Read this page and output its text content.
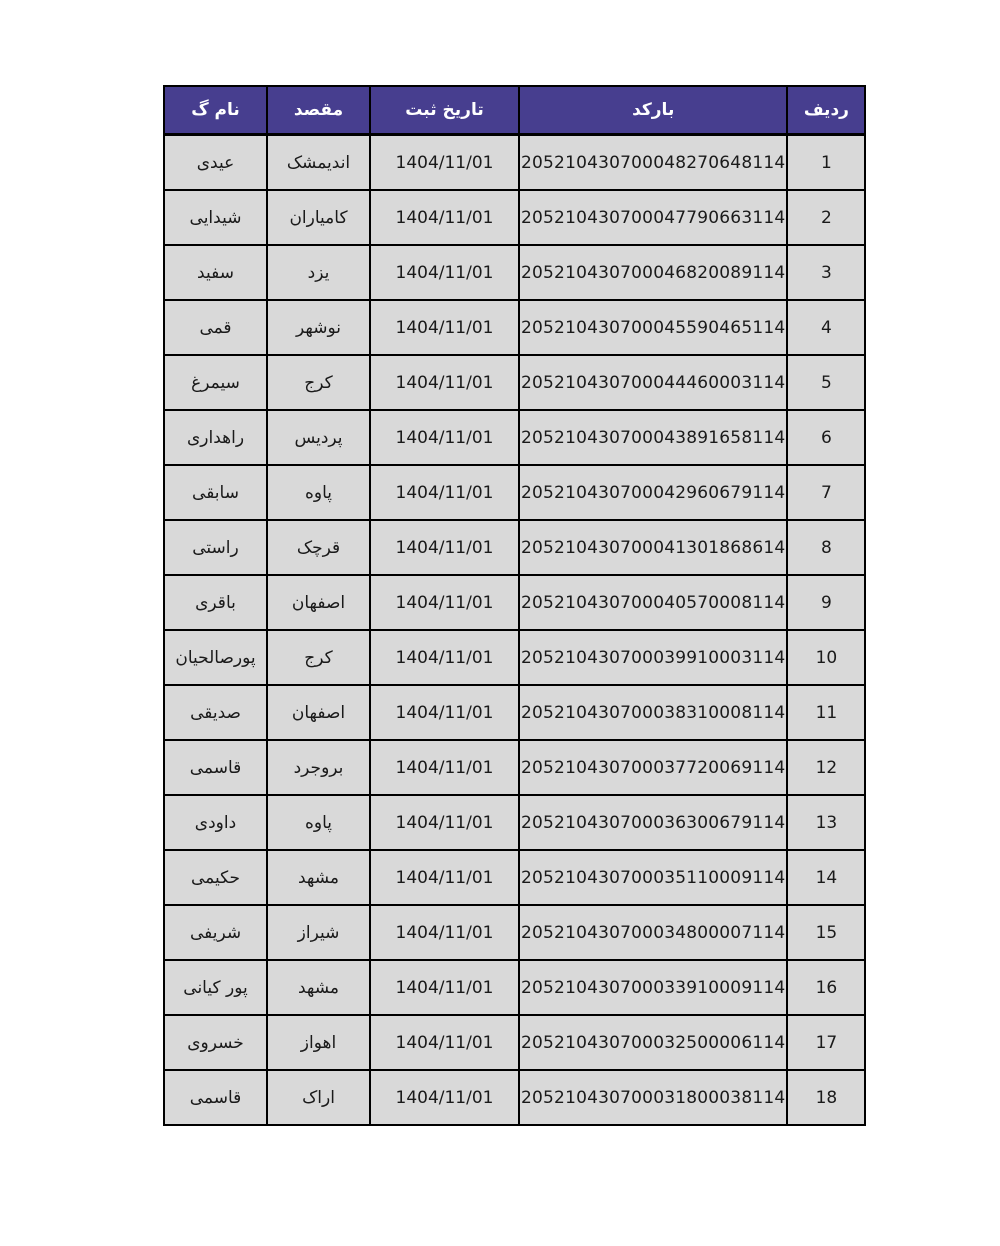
ردیف	بارکد	تاریخ ثبت	مقصد	نام گ
1	205210430700048270648114	1404/11/01	اندیمشک	عیدی
2	205210430700047790663114	1404/11/01	کامیاران	شیدایی
3	205210430700046820089114	1404/11/01	یزد	سفید
4	205210430700045590465114	1404/11/01	نوشهر	قمی
5	205210430700044460003114	1404/11/01	کرج	سیمرغ
6	205210430700043891658114	1404/11/01	پردیس	راهداری
7	205210430700042960679114	1404/11/01	پاوه	سابقی
8	205210430700041301868614	1404/11/01	قرچک	راستی
9	205210430700040570008114	1404/11/01	اصفهان	باقری
10	205210430700039910003114	1404/11/01	کرج	پورصالحیان
11	205210430700038310008114	1404/11/01	اصفهان	صدیقی
12	205210430700037720069114	1404/11/01	بروجرد	قاسمی
13	205210430700036300679114	1404/11/01	پاوه	داودی
14	205210430700035110009114	1404/11/01	مشهد	حکیمی
15	205210430700034800007114	1404/11/01	شیراز	شریفی
16	205210430700033910009114	1404/11/01	مشهد	پور کیانی
17	205210430700032500006114	1404/11/01	اهواز	خسروی
18	205210430700031800038114	1404/11/01	اراک	قاسمی
